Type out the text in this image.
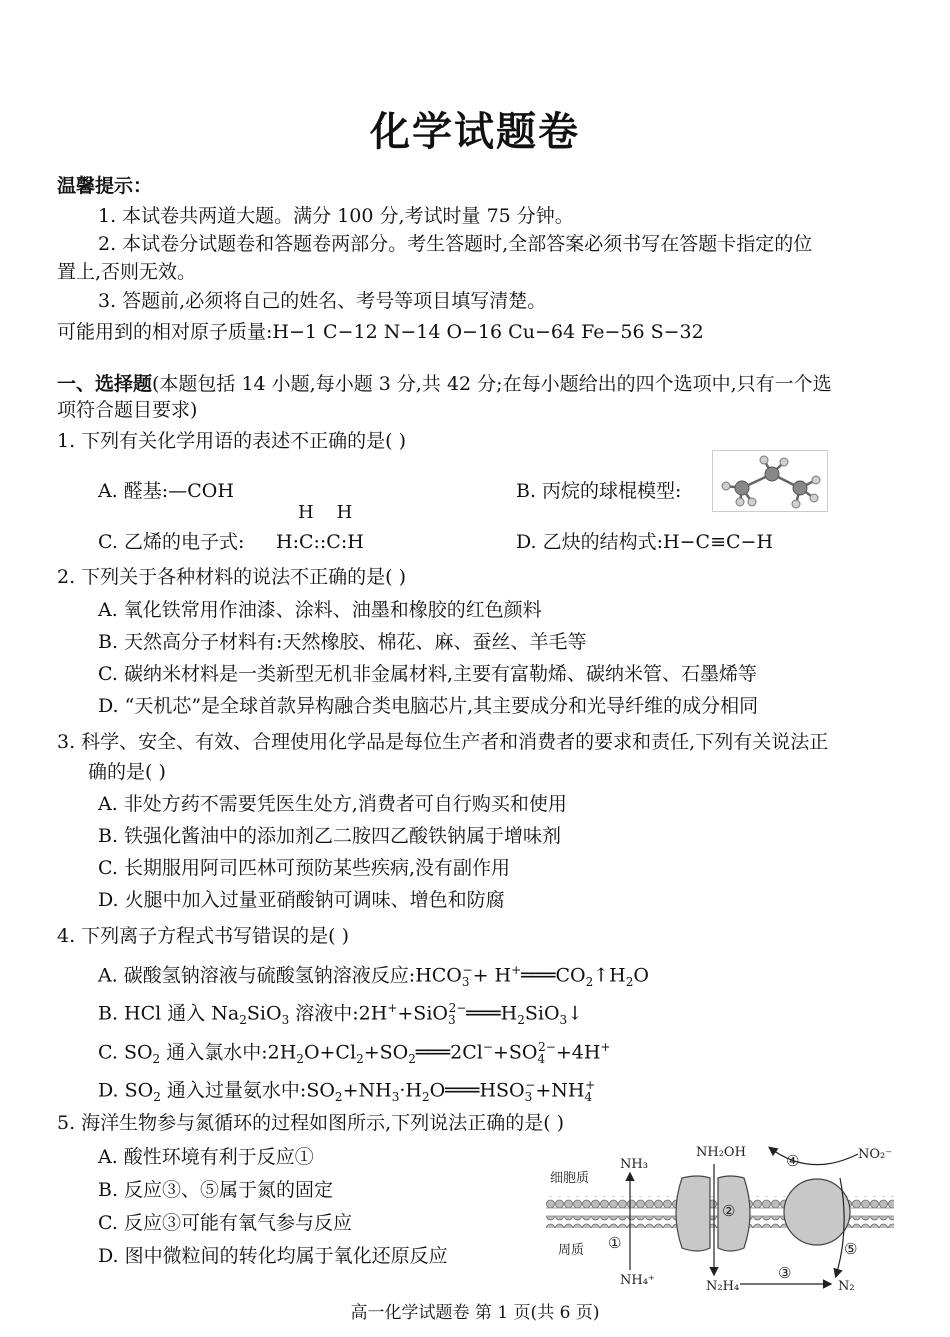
化学试题卷
温馨提示：
1. 本试卷共两道大题。满分 100 分,考试时量 75 分钟。
2. 本试卷分试题卷和答题卷两部分。考生答题时,全部答案必须书写在答题卡指定的位
置上,否则无效。
3. 答题前,必须将自己的姓名、考号等项目填写清楚。
可能用到的相对原子质量:H−1 C−12 N−14 O−16 Cu−64 Fe−56 S−32
一、选择题(本题包括 14 小题,每小题 3 分,共 42 分;在每小题给出的四个选项中,只有一个选
项符合题目要求)
1. 下列有关化学用语的表述不正确的是( )
A. 醛基:—COH	B. 丙烷的球棍模型:
C. 乙烯的电子式:
H    H
H:C::C:H	D. 乙炔的结构式:H−C≡C−H
2. 下列关于各种材料的说法不正确的是( )
A. 氧化铁常用作油漆、涂料、油墨和橡胶的红色颜料
B. 天然高分子材料有:天然橡胶、棉花、麻、蚕丝、羊毛等
C. 碳纳米材料是一类新型无机非金属材料,主要有富勒烯、碳纳米管、石墨烯等
D. “天机芯”是全球首款异构融合类电脑芯片,其主要成分和光导纤维的成分相同
3. 科学、安全、有效、合理使用化学品是每位生产者和消费者的要求和责任,下列有关说法正
确的是( )
A. 非处方药不需要凭医生处方,消费者可自行购买和使用
B. 铁强化酱油中的添加剂乙二胺四乙酸铁钠属于增味剂
C. 长期服用阿司匹林可预防某些疾病,没有副作用
D. 火腿中加入过量亚硝酸钠可调味、增色和防腐
4. 下列离子方程式书写错误的是( )
A. 碳酸氢钠溶液与硫酸氢钠溶液反应$:HCO_3^-+$ $H^+═══CO_2↑H_2O$
B. HCl 通入 $Na_2SiO_3$ 溶液中$:2H^++SiO_3^{2-}═══H_2SiO_3↓$
C. $SO_2$ 通入氯水中$:2H_2O+Cl_2+SO_2═══2Cl^-+SO_4^{2-}+4H^+$
D. $SO_2$ 通入过量氨水中$:SO_2+NH_3\cdot H_2O═══HSO_3^-+NH_4^+$
5. 海洋生物参与氮循环的过程如图所示,下列说法正确的是( )
A. 酸性环境有利于反应①
B. 反应③、⑤属于氮的固定
C. 反应③可能有氧气参与反应
D. 图中微粒间的转化均属于氧化还原反应
细胞质
周质
NH₃
NH₂OH	NO₂⁻
NH₄⁺	N₂H₄	N₂
①
②
③
④
⑤
高一化学试题卷 第 1 页(共 6 页)
